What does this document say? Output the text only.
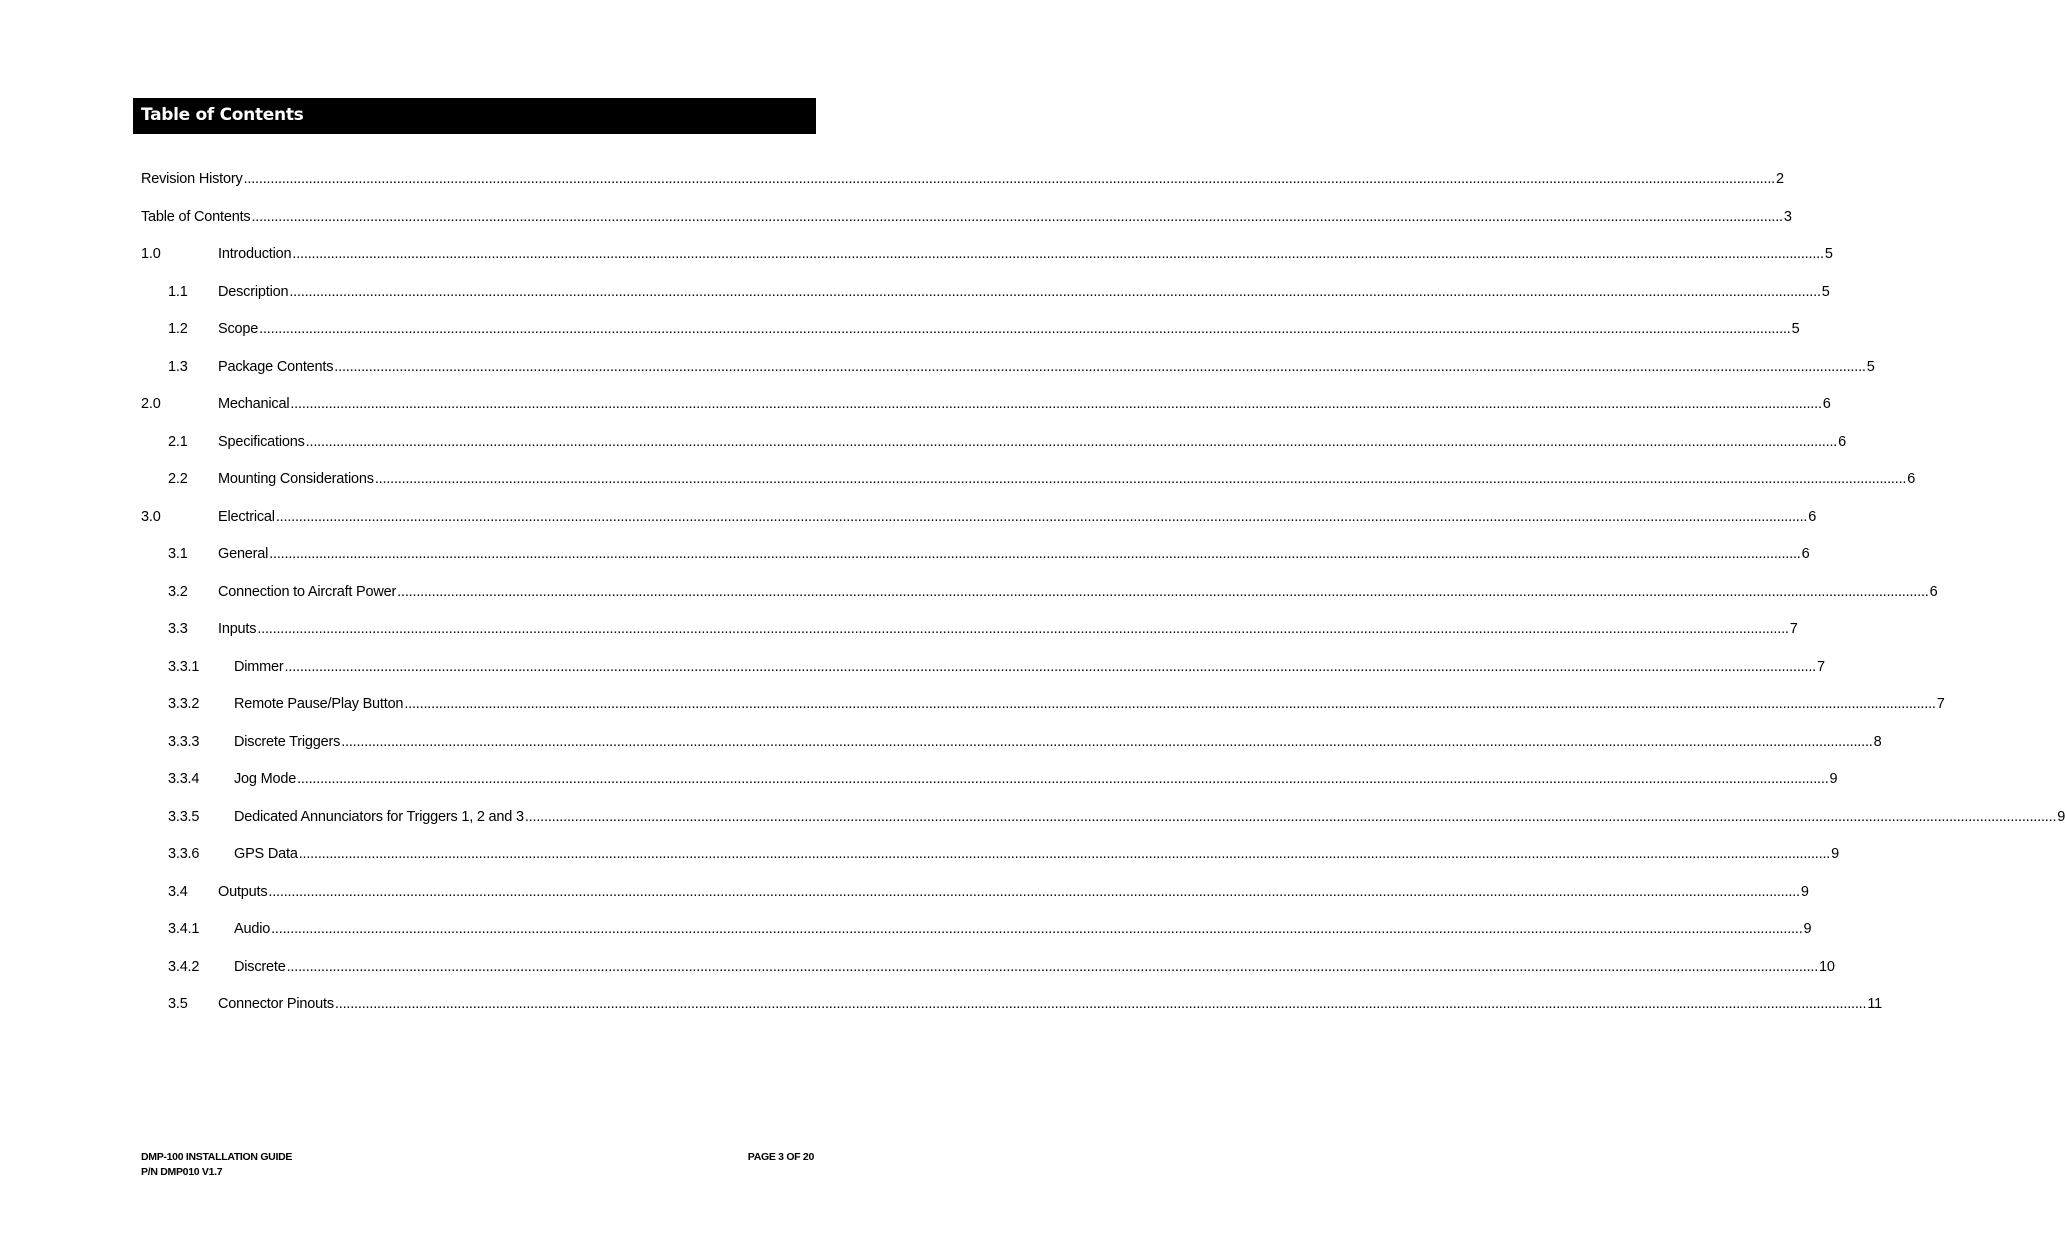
Table of Contents
Revision History ................................................................................................................................................................................................................................................................................................................................................................................................................ 2
Table of Contents ................................................................................................................................................................................................................................................................................................................................................................................................................ 3
1.0	Introduction ................................................................................................................................................................................................................................................................................................................................................................................................................ 5
1.1 Description ................................................................................................................................................................................................................................................................................................................................................................................................................ 5
1.2 Scope ................................................................................................................................................................................................................................................................................................................................................................................................................ 5
1.3 Package Contents ................................................................................................................................................................................................................................................................................................................................................................................................................ 5
2.0	Mechanical ................................................................................................................................................................................................................................................................................................................................................................................................................ 6
2.1 Specifications ................................................................................................................................................................................................................................................................................................................................................................................................................ 6
2.2 Mounting Considerations ................................................................................................................................................................................................................................................................................................................................................................................................................ 6
3.0	Electrical ................................................................................................................................................................................................................................................................................................................................................................................................................ 6
3.1 General ................................................................................................................................................................................................................................................................................................................................................................................................................ 6
3.2 Connection to Aircraft Power ................................................................................................................................................................................................................................................................................................................................................................................................................ 6
3.3 Inputs ................................................................................................................................................................................................................................................................................................................................................................................................................ 7
3.3.1 Dimmer ................................................................................................................................................................................................................................................................................................................................................................................................................ 7
3.3.2 Remote Pause/Play Button ................................................................................................................................................................................................................................................................................................................................................................................................................ 7
3.3.3 Discrete Triggers ................................................................................................................................................................................................................................................................................................................................................................................................................ 8
3.3.4 Jog Mode ................................................................................................................................................................................................................................................................................................................................................................................................................ 9
3.3.5 Dedicated Annunciators for Triggers 1, 2 and 3 ................................................................................................................................................................................................................................................................................................................................................................................................................ 9
3.3.6 GPS Data ................................................................................................................................................................................................................................................................................................................................................................................................................ 9
3.4 Outputs ................................................................................................................................................................................................................................................................................................................................................................................................................ 9
3.4.1 Audio ................................................................................................................................................................................................................................................................................................................................................................................................................ 9
3.4.2 Discrete ................................................................................................................................................................................................................................................................................................................................................................................................................ 10
3.5 Connector Pinouts ................................................................................................................................................................................................................................................................................................................................................................................................................ 11
DMP-100 INSTALLATION GUIDE
P/N DMP010 V1.7
PAGE 3 OF 20
